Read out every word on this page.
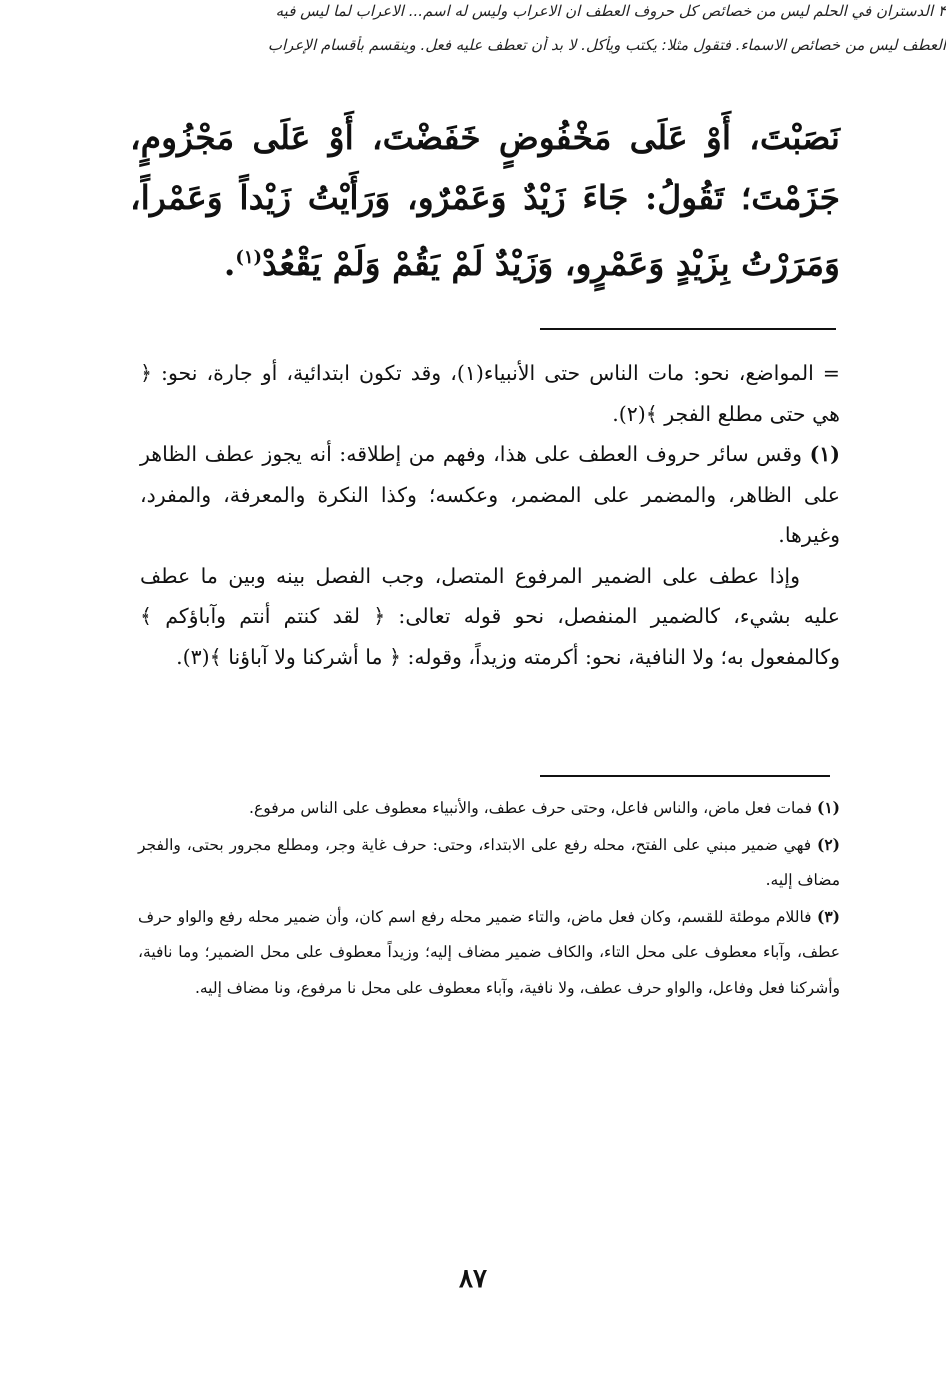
۴ الدستران في الحلم ليس من خصائص كل حروف العطف ان الاعراب وليس له اسم... الاعراب لما ليس فيه
العطف ليس من خصائص الاسماء. فتقول مثلا: يكتب ويأكل. لا بد أن تعطف عليه فعل. وينقسم بأقسام الإعراب
نَصَبْتَ، أَوْ عَلَى مَخْفُوضٍ خَفَضْتَ، أَوْ عَلَى مَجْزُومٍ، جَزَمْتَ؛ تَقُولُ: جَاءَ زَيْدٌ وَعَمْرٌو، وَرَأَيْتُ زَيْداً وَعَمْراً، وَمَرَرْتُ بِزَيْدٍ وَعَمْرٍو، وَزَيْدٌ لَمْ يَقُمْ وَلَمْ يَقْعُدْ$^{(١)}$.

= المواضع، نحو: مات الناس حتى الأنبياء(١)، وقد تكون ابتدائية، أو جارة، نحو: ﴿ هي حتى مطلع الفجر ﴾(٢).

(١) وقس سائر حروف العطف على هذا، وفهم من إطلاقه: أنه يجوز عطف الظاهر على الظاهر، والمضمر على المضمر، وعكسه؛ وكذا النكرة والمعرفة، والمفرد، وغيرها.

وإذا عطف على الضمير المرفوع المتصل، وجب الفصل بينه وبين ما عطف عليه بشيء، كالضمير المنفصل، نحو قوله تعالى: ﴿ لقد كنتم أنتم وآباؤكم ﴾ وكالمفعول به؛ ولا النافية، نحو: أكرمته وزيداً، وقوله: ﴿ ما أشركنا ولا آباؤنا ﴾(٣).

(١) فمات فعل ماض، والناس فاعل، وحتى حرف عطف، والأنبياء معطوف على الناس مرفوع.

(٢) فهي ضمير مبني على الفتح، محله رفع على الابتداء، وحتى: حرف غاية وجر، ومطلع مجرور بحتى، والفجر مضاف إليه.

(٣) فاللام موطئة للقسم، وكان فعل ماض، والتاء ضمير محله رفع اسم كان، وأن ضمير محله رفع والواو حرف عطف، وآباء معطوف على محل التاء، والكاف ضمير مضاف إليه؛ وزيداً معطوف على محل الضمير؛ وما نافية، وأشركنا فعل وفاعل، والواو حرف عطف، ولا نافية، وآباء معطوف على محل نا مرفوع، ونا مضاف إليه.

٨٧
